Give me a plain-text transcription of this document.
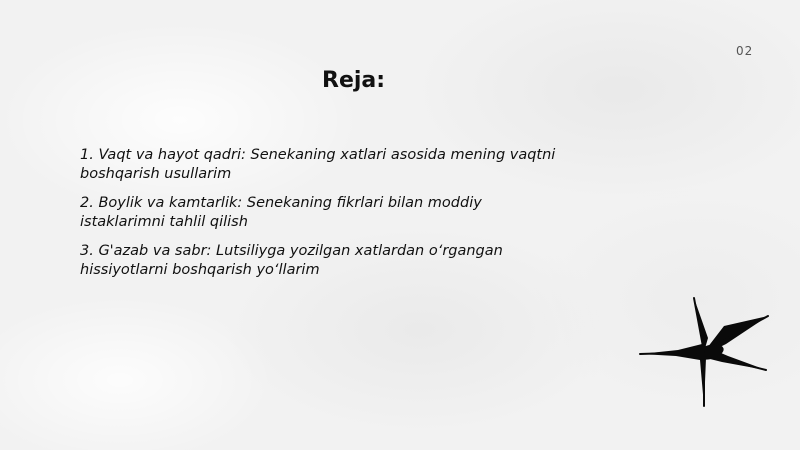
02
Reja:
1. Vaqt va hayot qadri: Senekaning xatlari asosida mening vaqtni
boshqarish usullarim
2. Boylik va kamtarlik: Senekaning fikrlari bilan moddiy
istaklarimni tahlil qilish
3. G'azab va sabr: Lutsiliyga yozilgan xatlardan o‘rgangan
hissiyotlarni boshqarish yo‘llarim
